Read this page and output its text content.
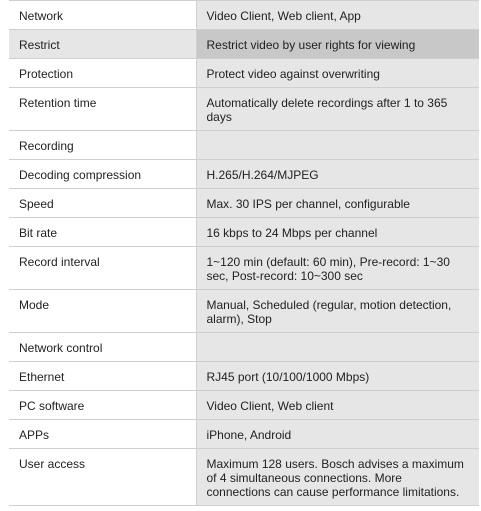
Network	Video Client, Web client, App
Restrict	Restrict video by user rights for viewing
Protection	Protect video against overwriting
Retention time	Automatically delete recordings after 1 to 365 days
Recording	
Decoding compression	H.265/H.264/MJPEG
Speed	Max. 30 IPS per channel, configurable
Bit rate	16 kbps to 24 Mbps per channel
Record interval	1~120 min (default: 60 min), Pre-record: 1~30 sec, Post-record: 10~300 sec
Mode	Manual, Scheduled (regular, motion detection, alarm), Stop
Network control	
Ethernet	RJ45 port (10/100/1000 Mbps)
PC software	Video Client, Web client
APPs	iPhone, Android
User access	Maximum 128 users. Bosch advises a maximum of 4 simultaneous connections. More connections can cause performance limitations.
